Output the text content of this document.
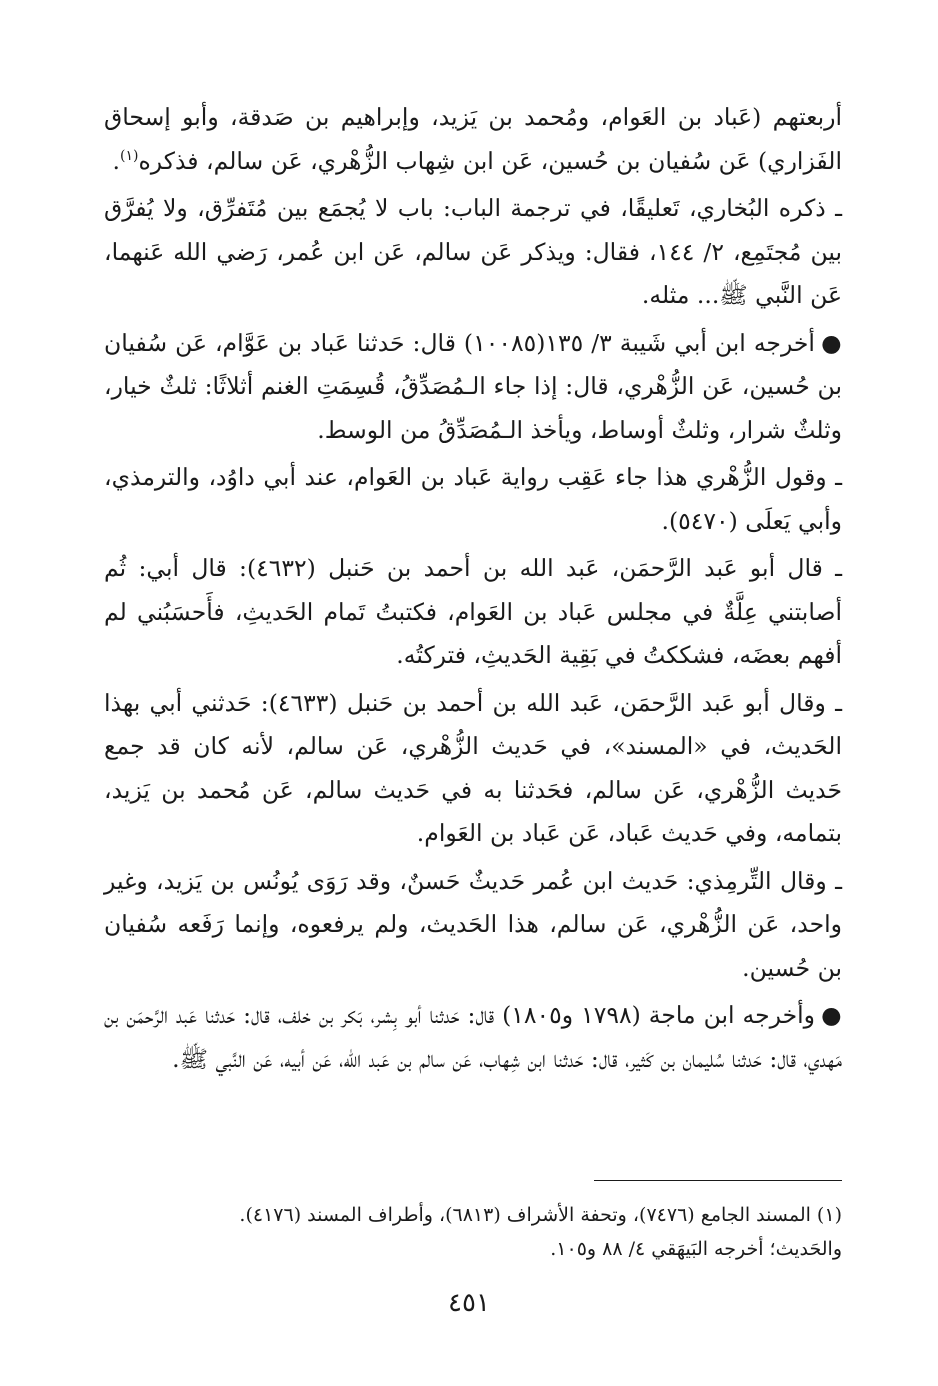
أربعتهم (عَباد بن العَوام، ومُحمد بن يَزيد، وإبراهيم بن صَدقة، وأبو إسحاق الفَزاري) عَن سُفيان بن حُسين، عَن ابن شِهاب الزُّهْري، عَن سالم، فذكره$^{(١)}$.

ـ ذكره البُخاري، تَعليقًا، في ترجمة الباب: باب لا يُجمَع بين مُتَفرِّق، ولا يُفرَّق بين مُجتَمِع، ٢/ ١٤٤، فقال: ويذكر عَن سالم، عَن ابن عُمر، رَضي الله عَنهما، عَن النَّبي ﷺ... مثله.

●أخرجه ابن أبي شَيبة ٣/ ١٣٥(١٠٠٨٥) قال: حَدثنا عَباد بن عَوَّام، عَن سُفيان بن حُسين، عَن الزُّهْري، قال: إذا جاء الـمُصَدِّقُ، قُسِمَتِ الغنم أثلاثًا: ثلثٌ خيار، وثلثٌ شرار، وثلثٌ أوساط، ويأخذ الـمُصَدِّقُ من الوسط.

ـ وقول الزُّهْري هذا جاء عَقِب رواية عَباد بن العَوام، عند أبي داوُد، والترمذي، وأبي يَعلَى (٥٤٧٠).

ـ قال أبو عَبد الرَّحمَن، عَبد الله بن أحمد بن حَنبل (٤٦٣٢): قال أبي: ثُم أصابتني عِلَّةٌ في مجلس عَباد بن العَوام، فكتبتُ تَمام الحَديثِ، فأَحسَبُني لم أفهم بعضَه، فشككتُ في بَقِية الحَديثِ، فتركتُه.

ـ وقال أبو عَبد الرَّحمَن، عَبد الله بن أحمد بن حَنبل (٤٦٣٣): حَدثني أبي بهذا الحَديث، في «المسند»، في حَديث الزُّهْري، عَن سالم، لأنه كان قد جمع حَديث الزُّهْري، عَن سالم، فحَدثنا به في حَديث سالم، عَن مُحمد بن يَزيد، بتمامه، وفي حَديث عَباد، عَن عَباد بن العَوام.

ـ وقال التِّرمِذي: حَديث ابن عُمر حَديثٌ حَسنٌ، وقد رَوَى يُونُس بن يَزيد، وغير واحد، عَن الزُّهْري، عَن سالم، هذا الحَديث، ولم يرفعوه، وإنما رَفَعه سُفيان بن حُسين.

●وأخرجه ابن ماجة (١٧٩٨ و١٨٠٥) قال: حَدثنا أبو بِشر، بَكر بن خلف، قال: حَدثنا عَبد الرَّحمَن بن مَهدي، قال: حَدثنا سُليمان بن كَثير، قال: حَدثنا ابن شِهاب، عَن سالم بن عَبد الله، عَن أبيه، عَن النَّبي ﷺ.

(١) المسند الجامع (٧٤٧٦)، وتحفة الأشراف (٦٨١٣)، وأطراف المسند (٤١٧٦).

والحَديث؛ أخرجه البَيهَقي ٤/ ٨٨ و١٠٥.

٤٥١
